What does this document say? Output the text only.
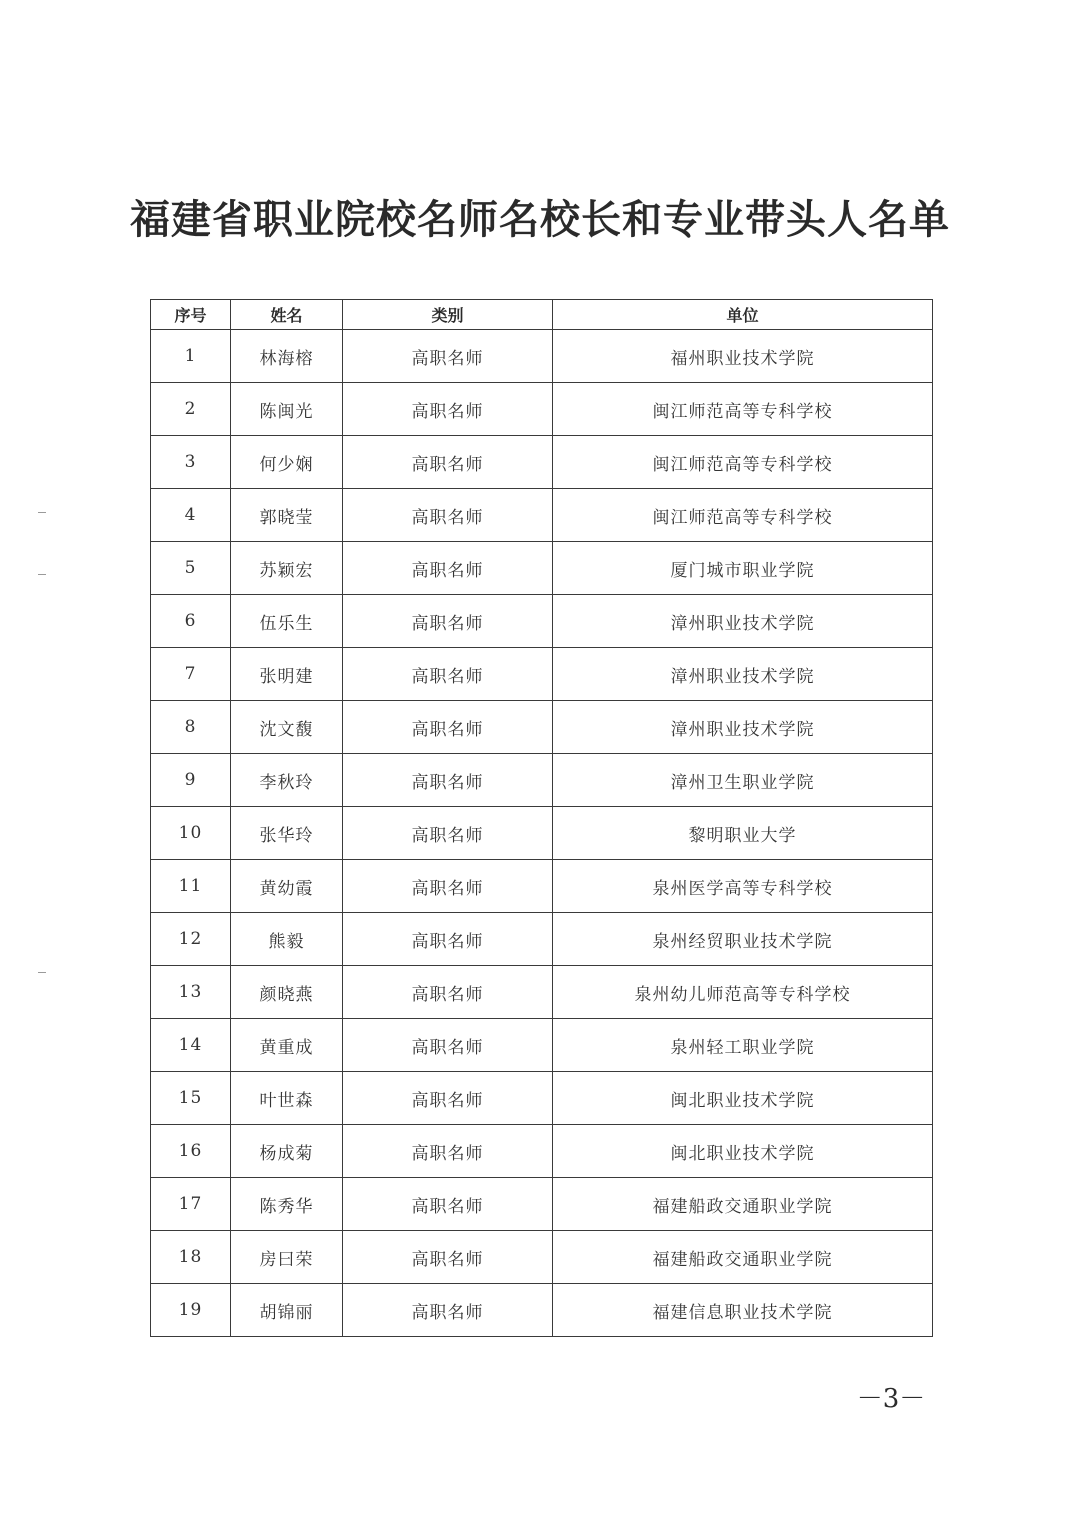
福建省职业院校名师名校长和专业带头人名单
序号	姓名	类别	单位
1	林海榕	高职名师	福州职业技术学院
2	陈闽光	高职名师	闽江师范高等专科学校
3	何少娴	高职名师	闽江师范高等专科学校
4	郭晓莹	高职名师	闽江师范高等专科学校
5	苏颖宏	高职名师	厦门城市职业学院
6	伍乐生	高职名师	漳州职业技术学院
7	张明建	高职名师	漳州职业技术学院
8	沈文馥	高职名师	漳州职业技术学院
9	李秋玲	高职名师	漳州卫生职业学院
10	张华玲	高职名师	黎明职业大学
11	黄幼霞	高职名师	泉州医学高等专科学校
12	熊毅	高职名师	泉州经贸职业技术学院
13	颜晓燕	高职名师	泉州幼儿师范高等专科学校
14	黄重成	高职名师	泉州轻工职业学院
15	叶世森	高职名师	闽北职业技术学院
16	杨成菊	高职名师	闽北职业技术学院
17	陈秀华	高职名师	福建船政交通职业学院
18	房曰荣	高职名师	福建船政交通职业学院
19	胡锦丽	高职名师	福建信息职业技术学院
－3－
